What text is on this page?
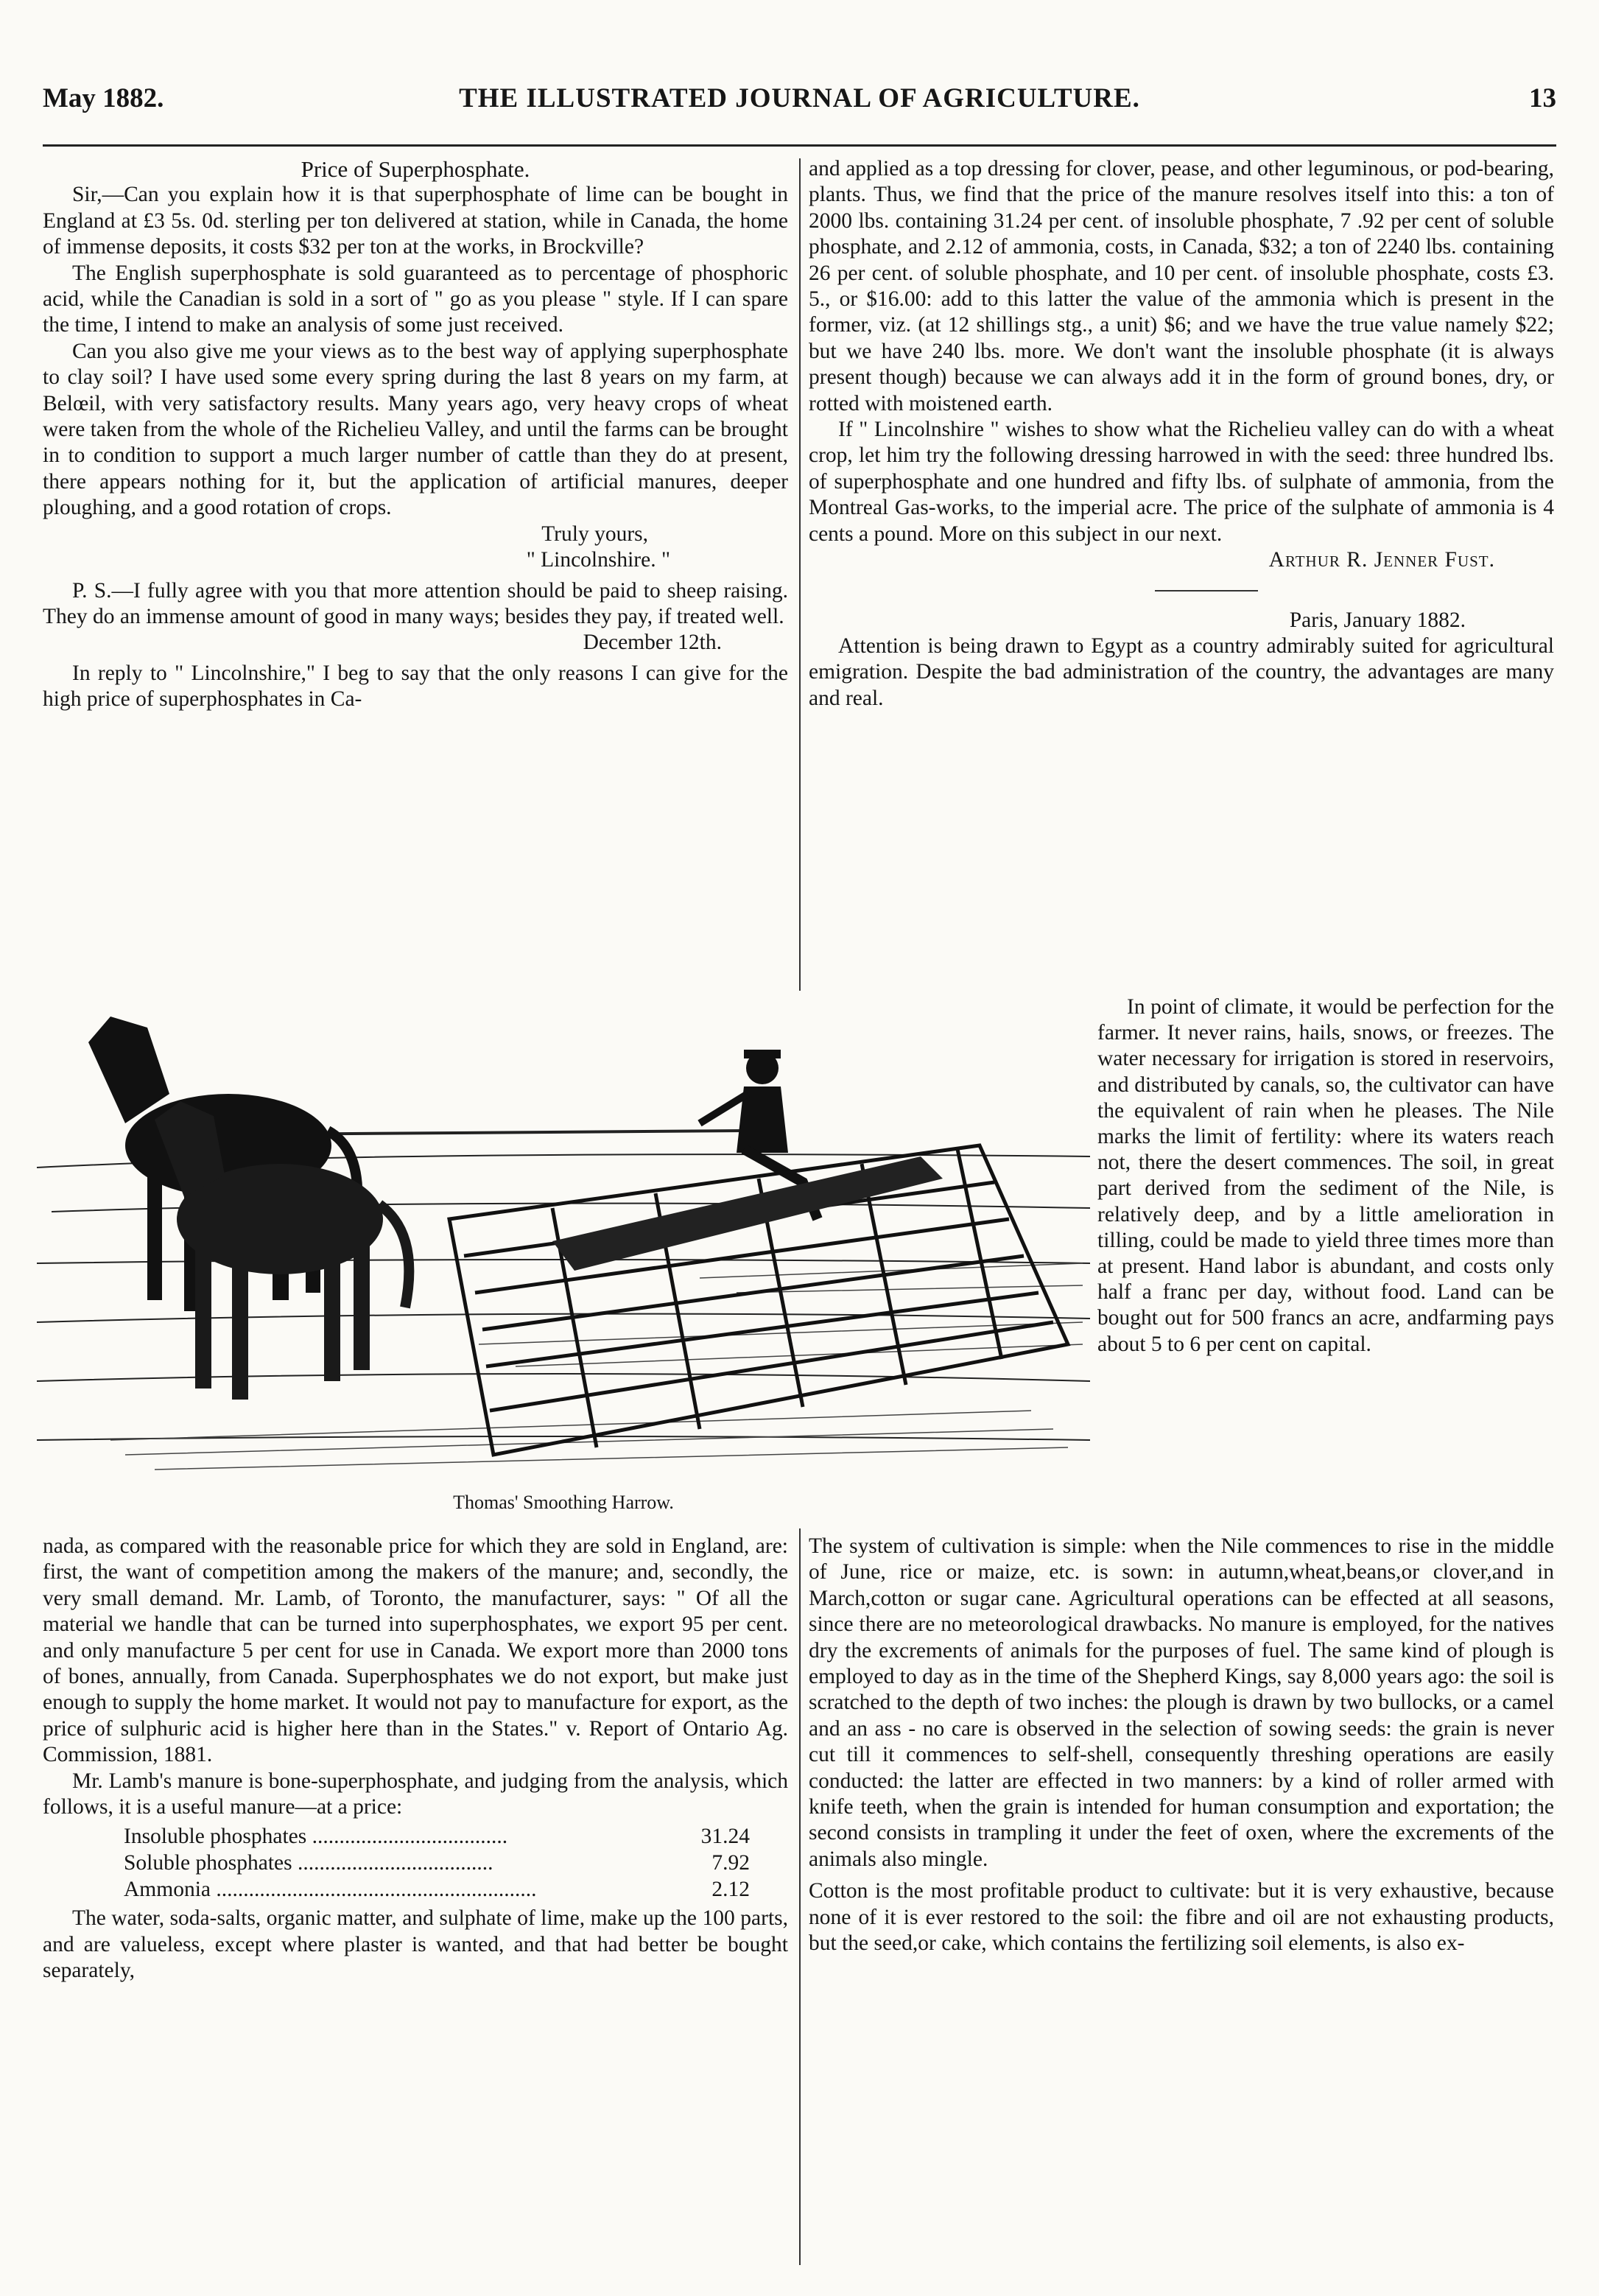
May 1882.	THE ILLUSTRATED JOURNAL OF AGRICULTURE.	13

Price of Superphosphate.

Sir,—Can you explain how it is that superphosphate of lime can be bought in England at £3 5s. 0d. sterling per ton delivered at station, while in Canada, the home of immense deposits, it costs $32 per ton at the works, in Brockville?

The English superphosphate is sold guaranteed as to percentage of phosphoric acid, while the Canadian is sold in a sort of " go as you please " style. If I can spare the time, I intend to make an analysis of some just received.

Can you also give me your views as to the best way of applying superphosphate to clay soil? I have used some every spring during the last 8 years on my farm, at Belœil, with very satisfactory results. Many years ago, very heavy crops of wheat were taken from the whole of the Richelieu Valley, and until the farms can be brought in to condition to support a much larger number of cattle than they do at present, there appears nothing for it, but the application of artificial manures, deeper ploughing, and a good rotation of crops.

Truly yours,

" Lincolnshire. "

P. S.—I fully agree with you that more attention should be paid to sheep raising. They do an immense amount of good in many ways; besides they pay, if treated well.

December 12th.

In reply to " Lincolnshire," I beg to say that the only reasons I can give for the high price of superphosphates in Ca-

and applied as a top dressing for clover, pease, and other leguminous, or pod-bearing, plants. Thus, we find that the price of the manure resolves itself into this: a ton of 2000 lbs. containing 31.24 per cent. of insoluble phosphate, 7 .92 per cent of soluble phosphate, and 2.12 of ammonia, costs, in Canada, $32; a ton of 2240 lbs. containing 26 per cent. of soluble phosphate, and 10 per cent. of insoluble phosphate, costs £3. 5., or $16.00: add to this latter the value of the ammonia which is present in the former, viz. (at 12 shillings stg., a unit) $6; and we have the true value namely $22; but we have 240 lbs. more. We don't want the insoluble phosphate (it is always present though) because we can always add it in the form of ground bones, dry, or rotted with moistened earth.

If " Lincolnshire " wishes to show what the Richelieu valley can do with a wheat crop, let him try the following dressing harrowed in with the seed: three hundred lbs. of superphosphate and one hundred and fifty lbs. of sulphate of ammonia, from the Montreal Gas-works, to the imperial acre. The price of the sulphate of ammonia is 4 cents a pound. More on this subject in our next.

Arthur R. Jenner Fust.

Paris, January 1882.

Attention is being drawn to Egypt as a country admirably suited for agricultural emigration. Despite the bad administration of the country, the advantages are many and real.

In point of climate, it would be perfection for the farmer. It never rains, hails, snows, or freezes. The water necessary for irrigation is stored in reservoirs, and distributed by canals, so, the cultivator can have the equivalent of rain when he pleases. The Nile marks the limit of fertility: where its waters reach not, there the desert commences. The soil, in great part derived from the sediment of the Nile, is relatively deep, and by a little amelioration in tilling, could be made to yield three times more than at present. Hand labor is abundant, and costs only half a franc per day, without food. Land can be bought out for 500 francs an acre, andfarming pays about 5 to 6 per cent on capital.

Thomas' Smoothing Harrow.

nada, as compared with the reasonable price for which they are sold in England, are: first, the want of competition among the makers of the manure; and, secondly, the very small demand. Mr. Lamb, of Toronto, the manufacturer, says: " Of all the material we handle that can be turned into superphosphates, we export 95 per cent. and only manufacture 5 per cent for use in Canada. We export more than 2000 tons of bones, annually, from Canada. Superphosphates we do not export, but make just enough to supply the home market. It would not pay to manufacture for export, as the price of sulphuric acid is higher here than in the States." v. Report of Ontario Ag. Commission, 1881.

Mr. Lamb's manure is bone-superphosphate, and judging from the analysis, which follows, it is a useful manure—at a price:

Insoluble phosphates ....................................	31.24
Soluble phosphates ....................................	7.92
Ammonia ...........................................................	2.12

The water, soda-salts, organic matter, and sulphate of lime, make up the 100 parts, and are valueless, except where plaster is wanted, and that had better be bought separately,

The system of cultivation is simple: when the Nile commences to rise in the middle of June, rice or maize, etc. is sown: in autumn,wheat,beans,or clover,and in March,cotton or sugar cane. Agricultural operations can be effected at all seasons, since there are no meteorological drawbacks. No manure is employed, for the natives dry the excrements of animals for the purposes of fuel. The same kind of plough is employed to day as in the time of the Shepherd Kings, say 8,000 years ago: the soil is scratched to the depth of two inches: the plough is drawn by two bullocks, or a camel and an ass - no care is observed in the selection of sowing seeds: the grain is never cut till it commences to self-shell, consequently threshing operations are easily conducted: the latter are effected in two manners: by a kind of roller armed with knife teeth, when the grain is intended for human consumption and exportation; the second consists in trampling it under the feet of oxen, where the excrements of the animals also mingle.

Cotton is the most profitable product to cultivate: but it is very exhaustive, because none of it is ever restored to the soil: the fibre and oil are not exhausting products, but the seed,or cake, which contains the fertilizing soil elements, is also ex-
